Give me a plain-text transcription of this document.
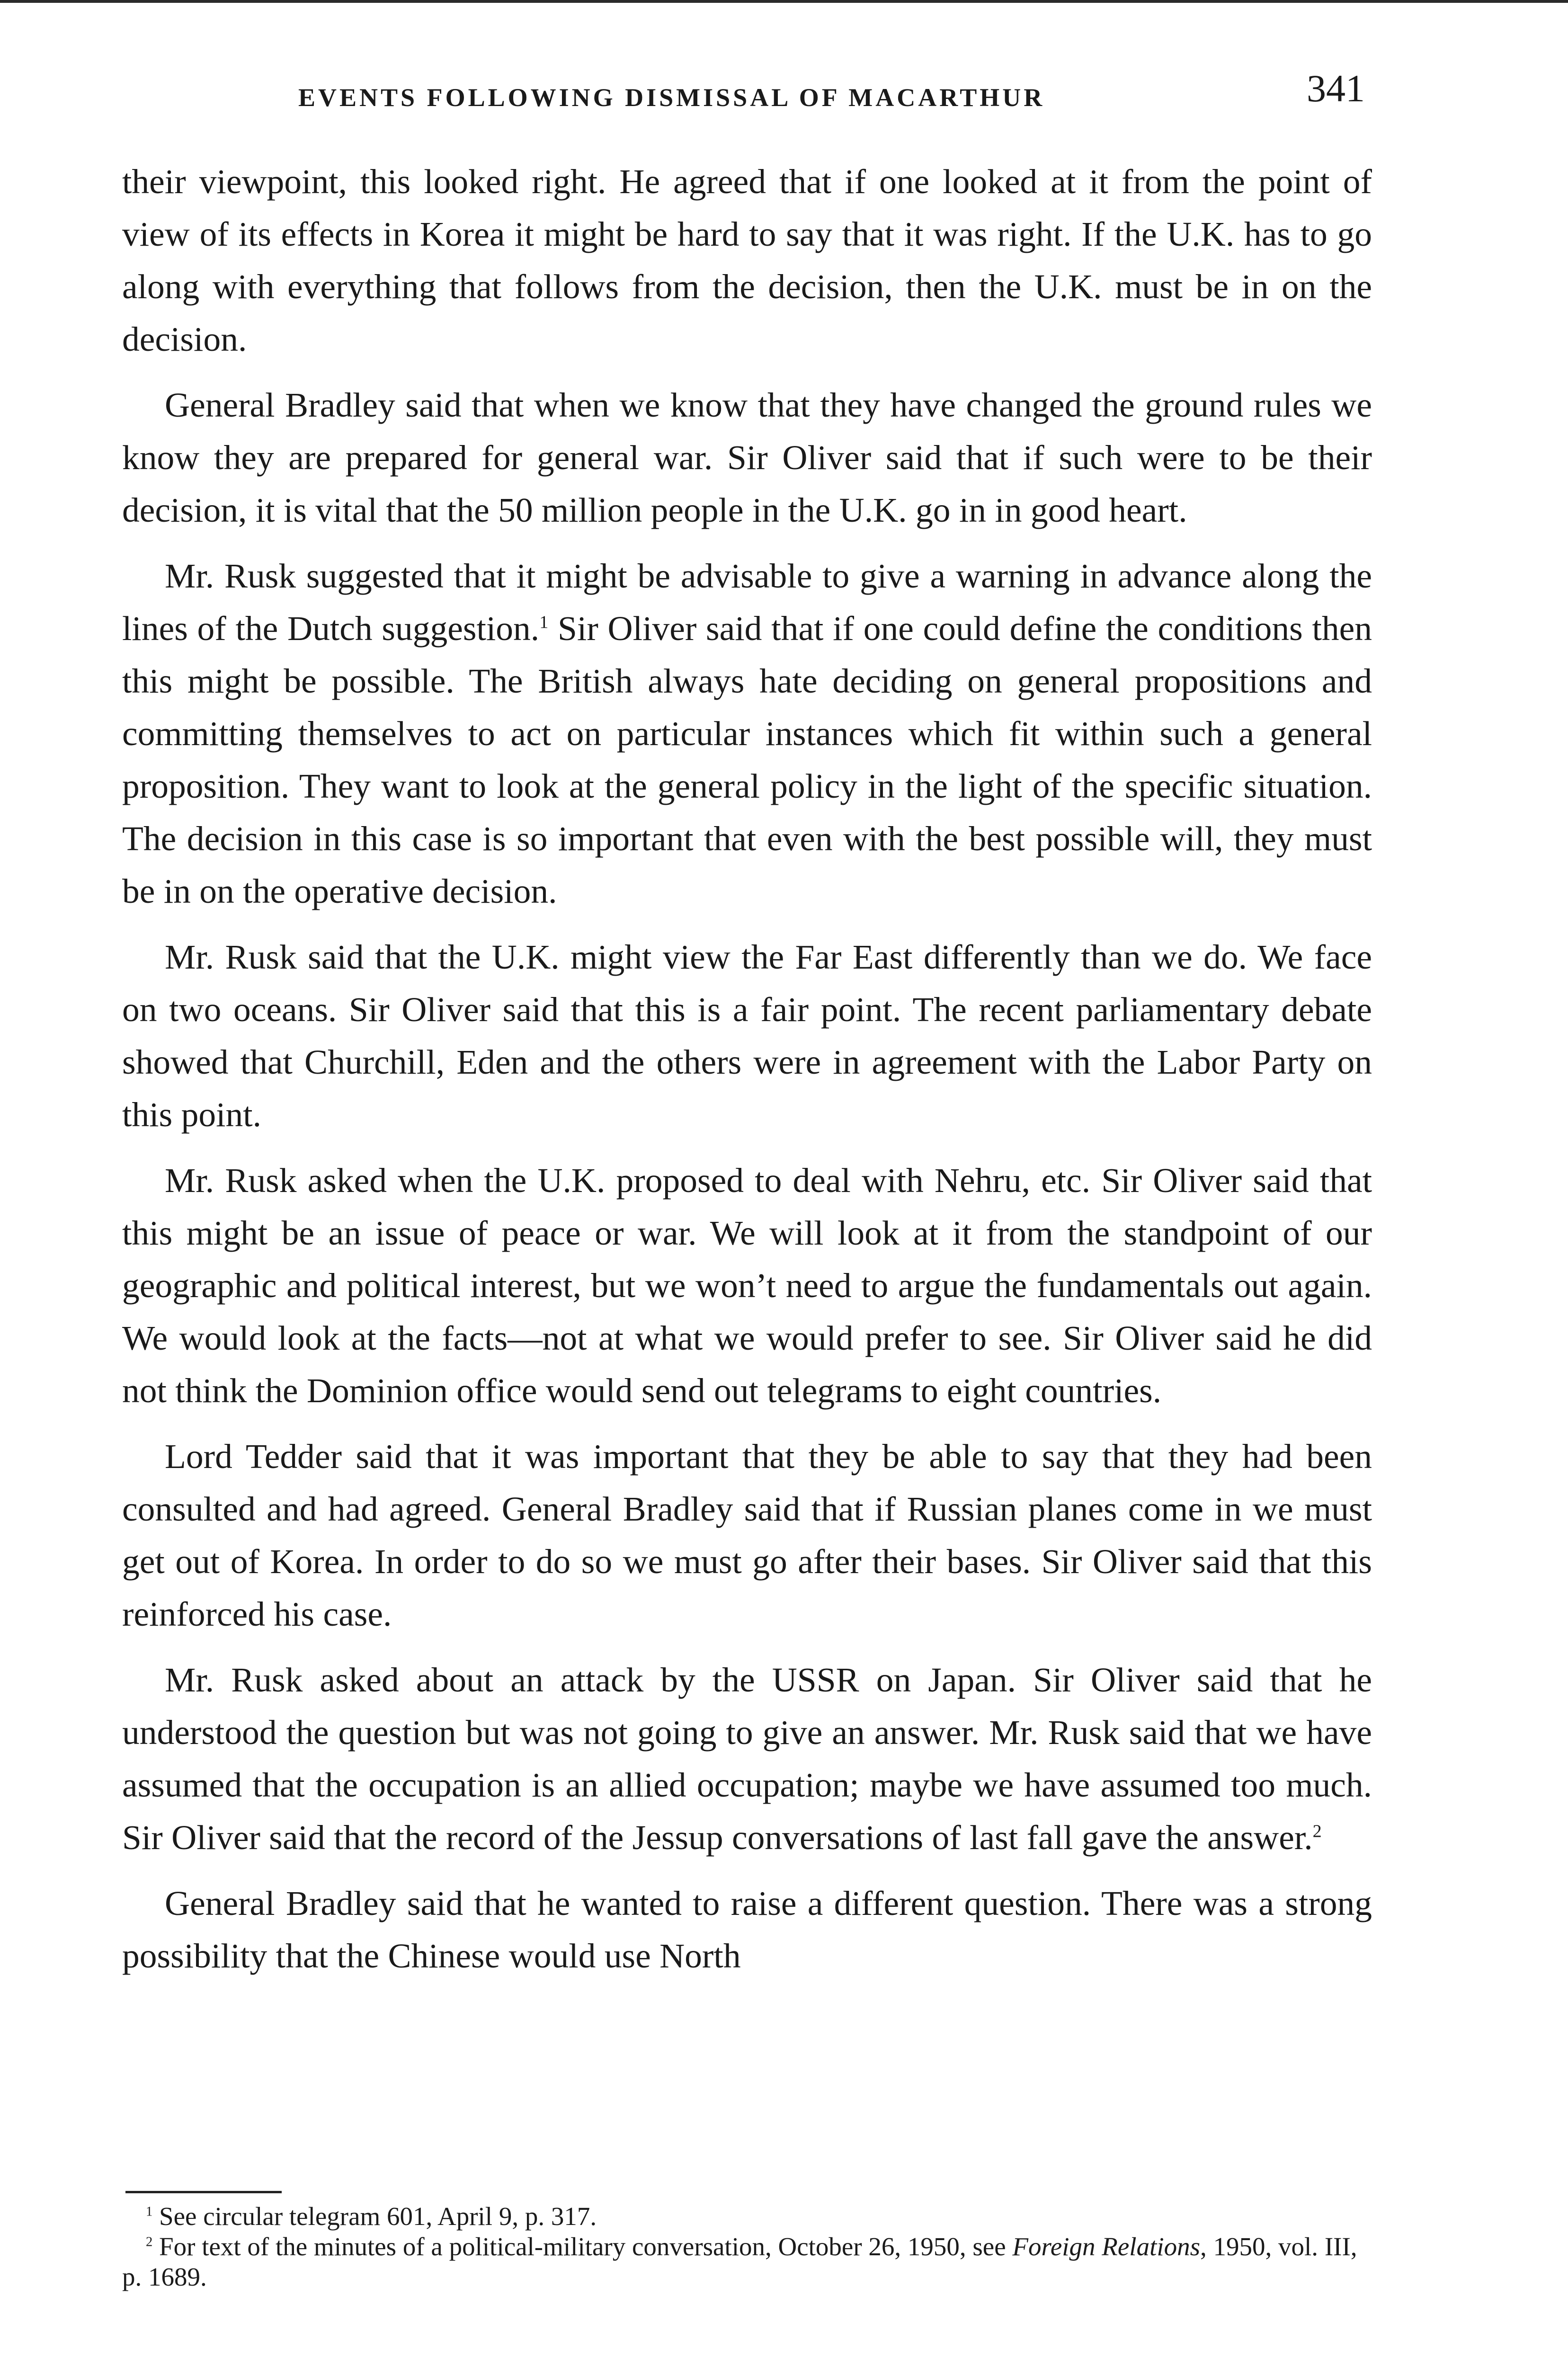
EVENTS FOLLOWING DISMISSAL OF MACARTHUR	341

their viewpoint, this looked right. He agreed that if one looked at it from the point of view of its effects in Korea it might be hard to say that it was right. If the U.K. has to go along with everything that follows from the decision, then the U.K. must be in on the decision.

General Bradley said that when we know that they have changed the ground rules we know they are prepared for general war. Sir Oliver said that if such were to be their decision, it is vital that the 50 million people in the U.K. go in in good heart.

Mr. Rusk suggested that it might be advisable to give a warning in advance along the lines of the Dutch suggestion.$^1$ Sir Oliver said that if one could define the conditions then this might be possible. The British always hate deciding on general propositions and committing themselves to act on particular instances which fit within such a general proposition. They want to look at the general policy in the light of the specific situation. The decision in this case is so important that even with the best possible will, they must be in on the operative decision.

Mr. Rusk said that the U.K. might view the Far East differently than we do. We face on two oceans. Sir Oliver said that this is a fair point. The recent parliamentary debate showed that Churchill, Eden and the others were in agreement with the Labor Party on this point.

Mr. Rusk asked when the U.K. proposed to deal with Nehru, etc. Sir Oliver said that this might be an issue of peace or war. We will look at it from the standpoint of our geographic and political interest, but we won’t need to argue the fundamentals out again. We would look at the facts—not at what we would prefer to see. Sir Oliver said he did not think the Dominion office would send out telegrams to eight countries.

Lord Tedder said that it was important that they be able to say that they had been consulted and had agreed. General Bradley said that if Russian planes come in we must get out of Korea. In order to do so we must go after their bases. Sir Oliver said that this reinforced his case.

Mr. Rusk asked about an attack by the USSR on Japan. Sir Oliver said that he understood the question but was not going to give an answer. Mr. Rusk said that we have assumed that the occupation is an allied occupation; maybe we have assumed too much. Sir Oliver said that the record of the Jessup conversations of last fall gave the answer.$^2$

General Bradley said that he wanted to raise a different question. There was a strong possibility that the Chinese would use North

$^1$ See circular telegram 601, April 9, p. 317.

$^2$ For text of the minutes of a political-military conversation, October 26, 1950, see Foreign Relations, 1950, vol. III, p. 1689.
